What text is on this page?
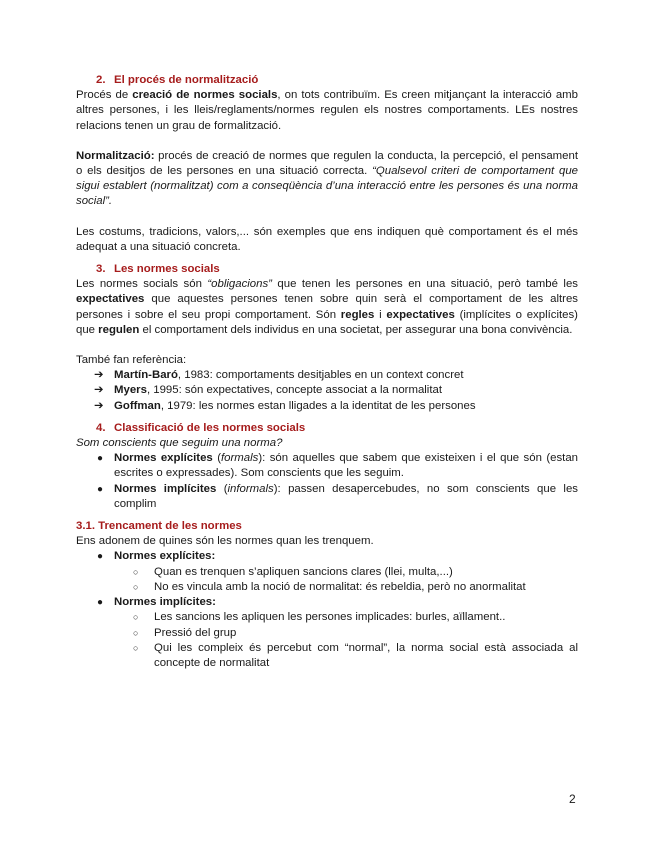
2. El procés de normalització

Procés de creació de normes socials, on tots contribuïm. Es creen mitjançant la interacció amb altres persones, i les lleis/reglaments/normes regulen els nostres comportaments. LEs nostres relacions tenen un grau de formalització.

Normalització: procés de creació de normes que regulen la conducta, la percepció, el pensament o els desitjos de les persones en una situació correcta. “Qualsevol criteri de comportament que sigui establert (normalitzat) com a conseqüència d’una interacció entre les persones és una norma social”.

Les costums, tradicions, valors,... són exemples que ens indiquen què comportament és el més adequat a una situació concreta.

3. Les normes socials

Les normes socials són “obligacions” que tenen les persones en una situació, però també les expectatives que aquestes persones tenen sobre quin serà el comportament de les altres persones i sobre el seu propi comportament. Són regles i expectatives (implícites o explícites) que regulen el comportament dels individus en una societat, per assegurar una bona convivència.

També fan referència:

➔ Martín-Baró, 1983: comportaments desitjables en un context concret
➔ Myers, 1995: són expectatives, concepte associat a la normalitat
➔ Goffman, 1979: les normes estan lligades a la identitat de les persones
4. Classificació de les normes socials

Som conscients que seguim una norma?

● Normes explícites (formals): són aquelles que sabem que existeixen i el que són (estan escrites o expressades). Som conscients que les seguim.
● Normes implícites (informals): passen desapercebudes, no som conscients que les complim
3.1. Trencament de les normes

Ens adonem de quines són les normes quan les trenquem.

● Normes explícites:
○ Quan es trenquen s’apliquen sancions clares (llei, multa,...)
○ No es vincula amb la noció de normalitat: és rebeldia, però no anormalitat
● Normes implícites:
○ Les sancions les apliquen les persones implicades: burles, aïllament..
○ Pressió del grup
○ Qui les compleix és percebut com “normal”, la norma social està associada al concepte de normalitat
2
